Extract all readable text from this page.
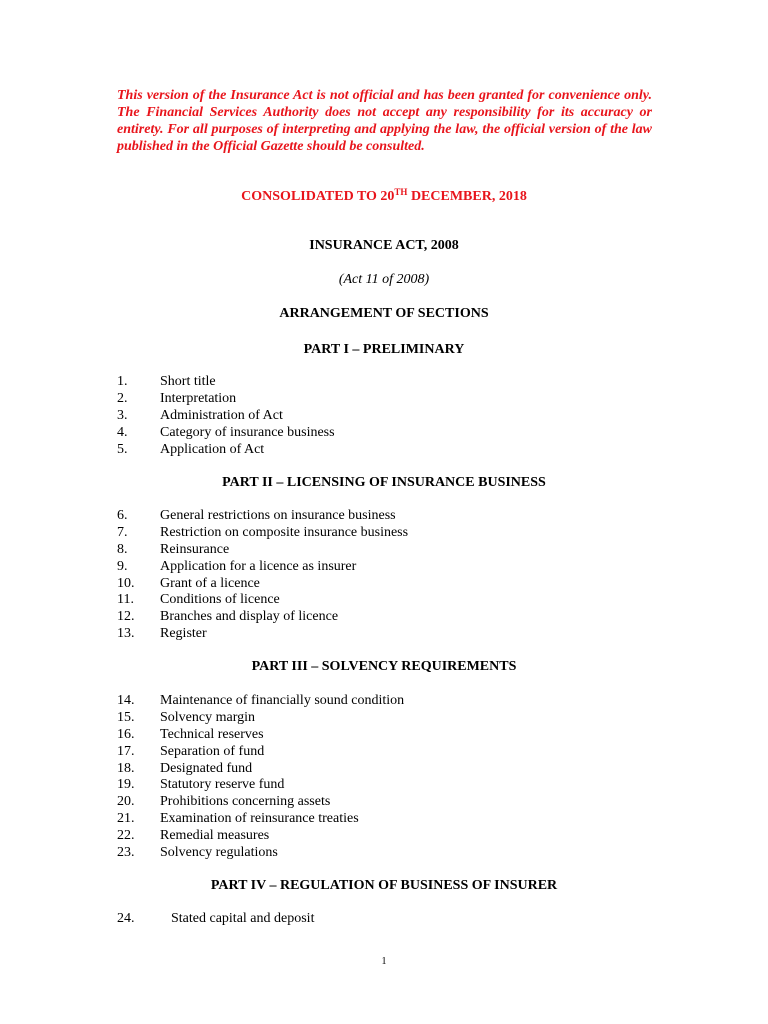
This version of the Insurance Act is not official and has been granted for convenience only. The Financial Services Authority does not accept any responsibility for its accuracy or entirety. For all purposes of interpreting and applying the law, the official version of the law published in the Official Gazette should be consulted.
CONSOLIDATED TO 20TH DECEMBER, 2018
INSURANCE ACT, 2008
(Act 11 of 2008)
ARRANGEMENT OF SECTIONS
PART I – PRELIMINARY
1. Short title
2. Interpretation
3. Administration of Act
4. Category of insurance business
5. Application of Act
PART II – LICENSING OF INSURANCE BUSINESS
6. General restrictions on insurance business
7. Restriction on composite insurance business
8. Reinsurance
9. Application for a licence as insurer
10. Grant of a licence
11. Conditions of licence
12. Branches and display of licence
13. Register
PART III – SOLVENCY REQUIREMENTS
14. Maintenance of financially sound condition
15. Solvency margin
16. Technical reserves
17. Separation of fund
18. Designated fund
19. Statutory reserve fund
20. Prohibitions concerning assets
21. Examination of reinsurance treaties
22. Remedial measures
23. Solvency regulations
PART IV – REGULATION OF BUSINESS OF INSURER
24.	Stated capital and deposit
1
